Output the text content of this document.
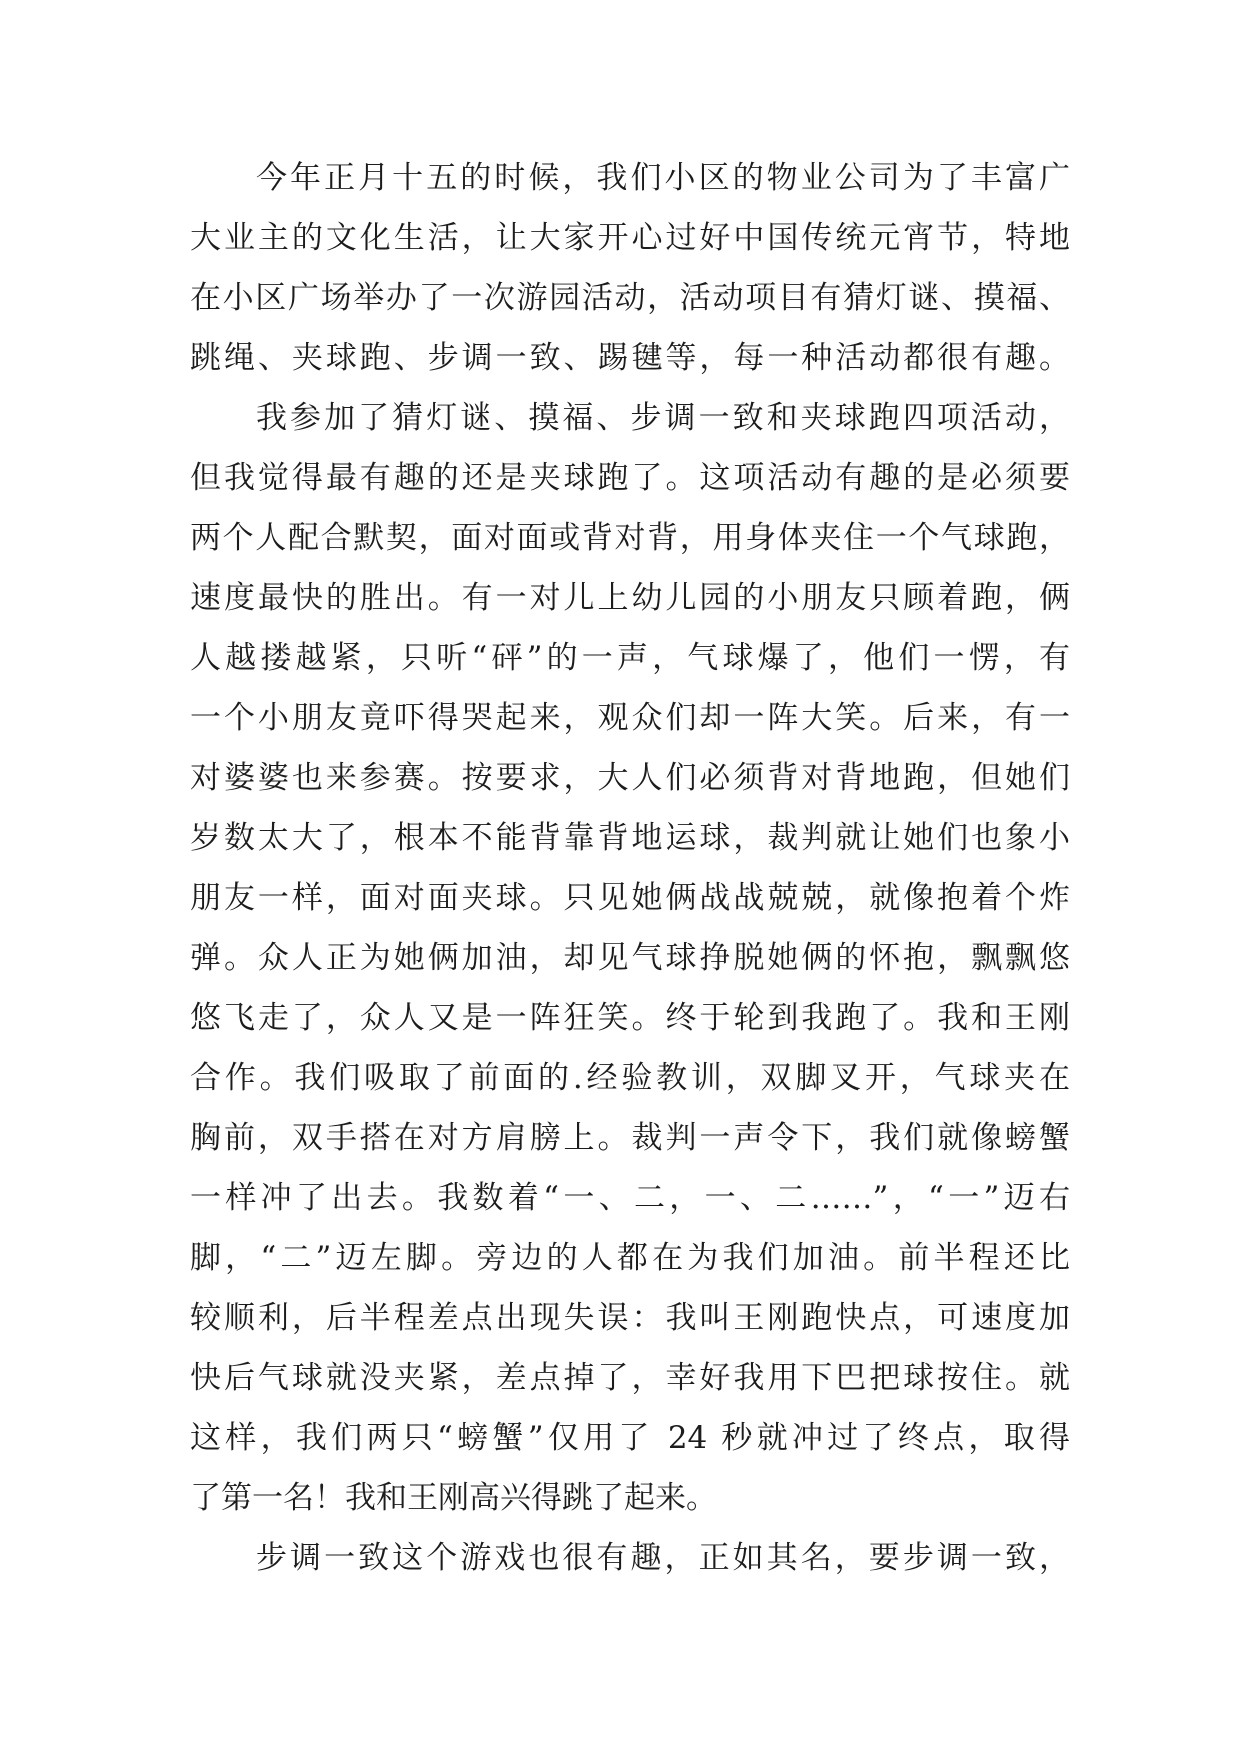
今年正月十五的时候，我们小区的物业公司为了丰富广
大业主的文化生活，让大家开心过好中国传统元宵节，特地
在小区广场举办了一次游园活动，活动项目有猜灯谜、摸福、
跳绳、夹球跑、步调一致、踢毽等，每一种活动都很有趣。
我参加了猜灯谜、摸福、步调一致和夹球跑四项活动，
但我觉得最有趣的还是夹球跑了。这项活动有趣的是必须要
两个人配合默契，面对面或背对背，用身体夹住一个气球跑，
速度最快的胜出。有一对儿上幼儿园的小朋友只顾着跑，俩
人越搂越紧，只听“砰”的一声，气球爆了，他们一愣，有
一个小朋友竟吓得哭起来，观众们却一阵大笑。后来，有一
对婆婆也来参赛。按要求，大人们必须背对背地跑，但她们
岁数太大了，根本不能背靠背地运球，裁判就让她们也象小
朋友一样，面对面夹球。只见她俩战战兢兢，就像抱着个炸
弹。众人正为她俩加油，却见气球挣脱她俩的怀抱，飘飘悠
悠飞走了，众人又是一阵狂笑。终于轮到我跑了。我和王刚
合作。我们吸取了前面的.经验教训，双脚叉开，气球夹在
胸前，双手搭在对方肩膀上。裁判一声令下，我们就像螃蟹
一样冲了出去。我数着“一、二，一、二……”，“一”迈右
脚，“二”迈左脚。旁边的人都在为我们加油。前半程还比
较顺利，后半程差点出现失误：我叫王刚跑快点，可速度加
快后气球就没夹紧，差点掉了，幸好我用下巴把球按住。就
这样，我们两只“螃蟹”仅用了 24 秒就冲过了终点，取得
了第一名！我和王刚高兴得跳了起来。
步调一致这个游戏也很有趣，正如其名，要步调一致，
